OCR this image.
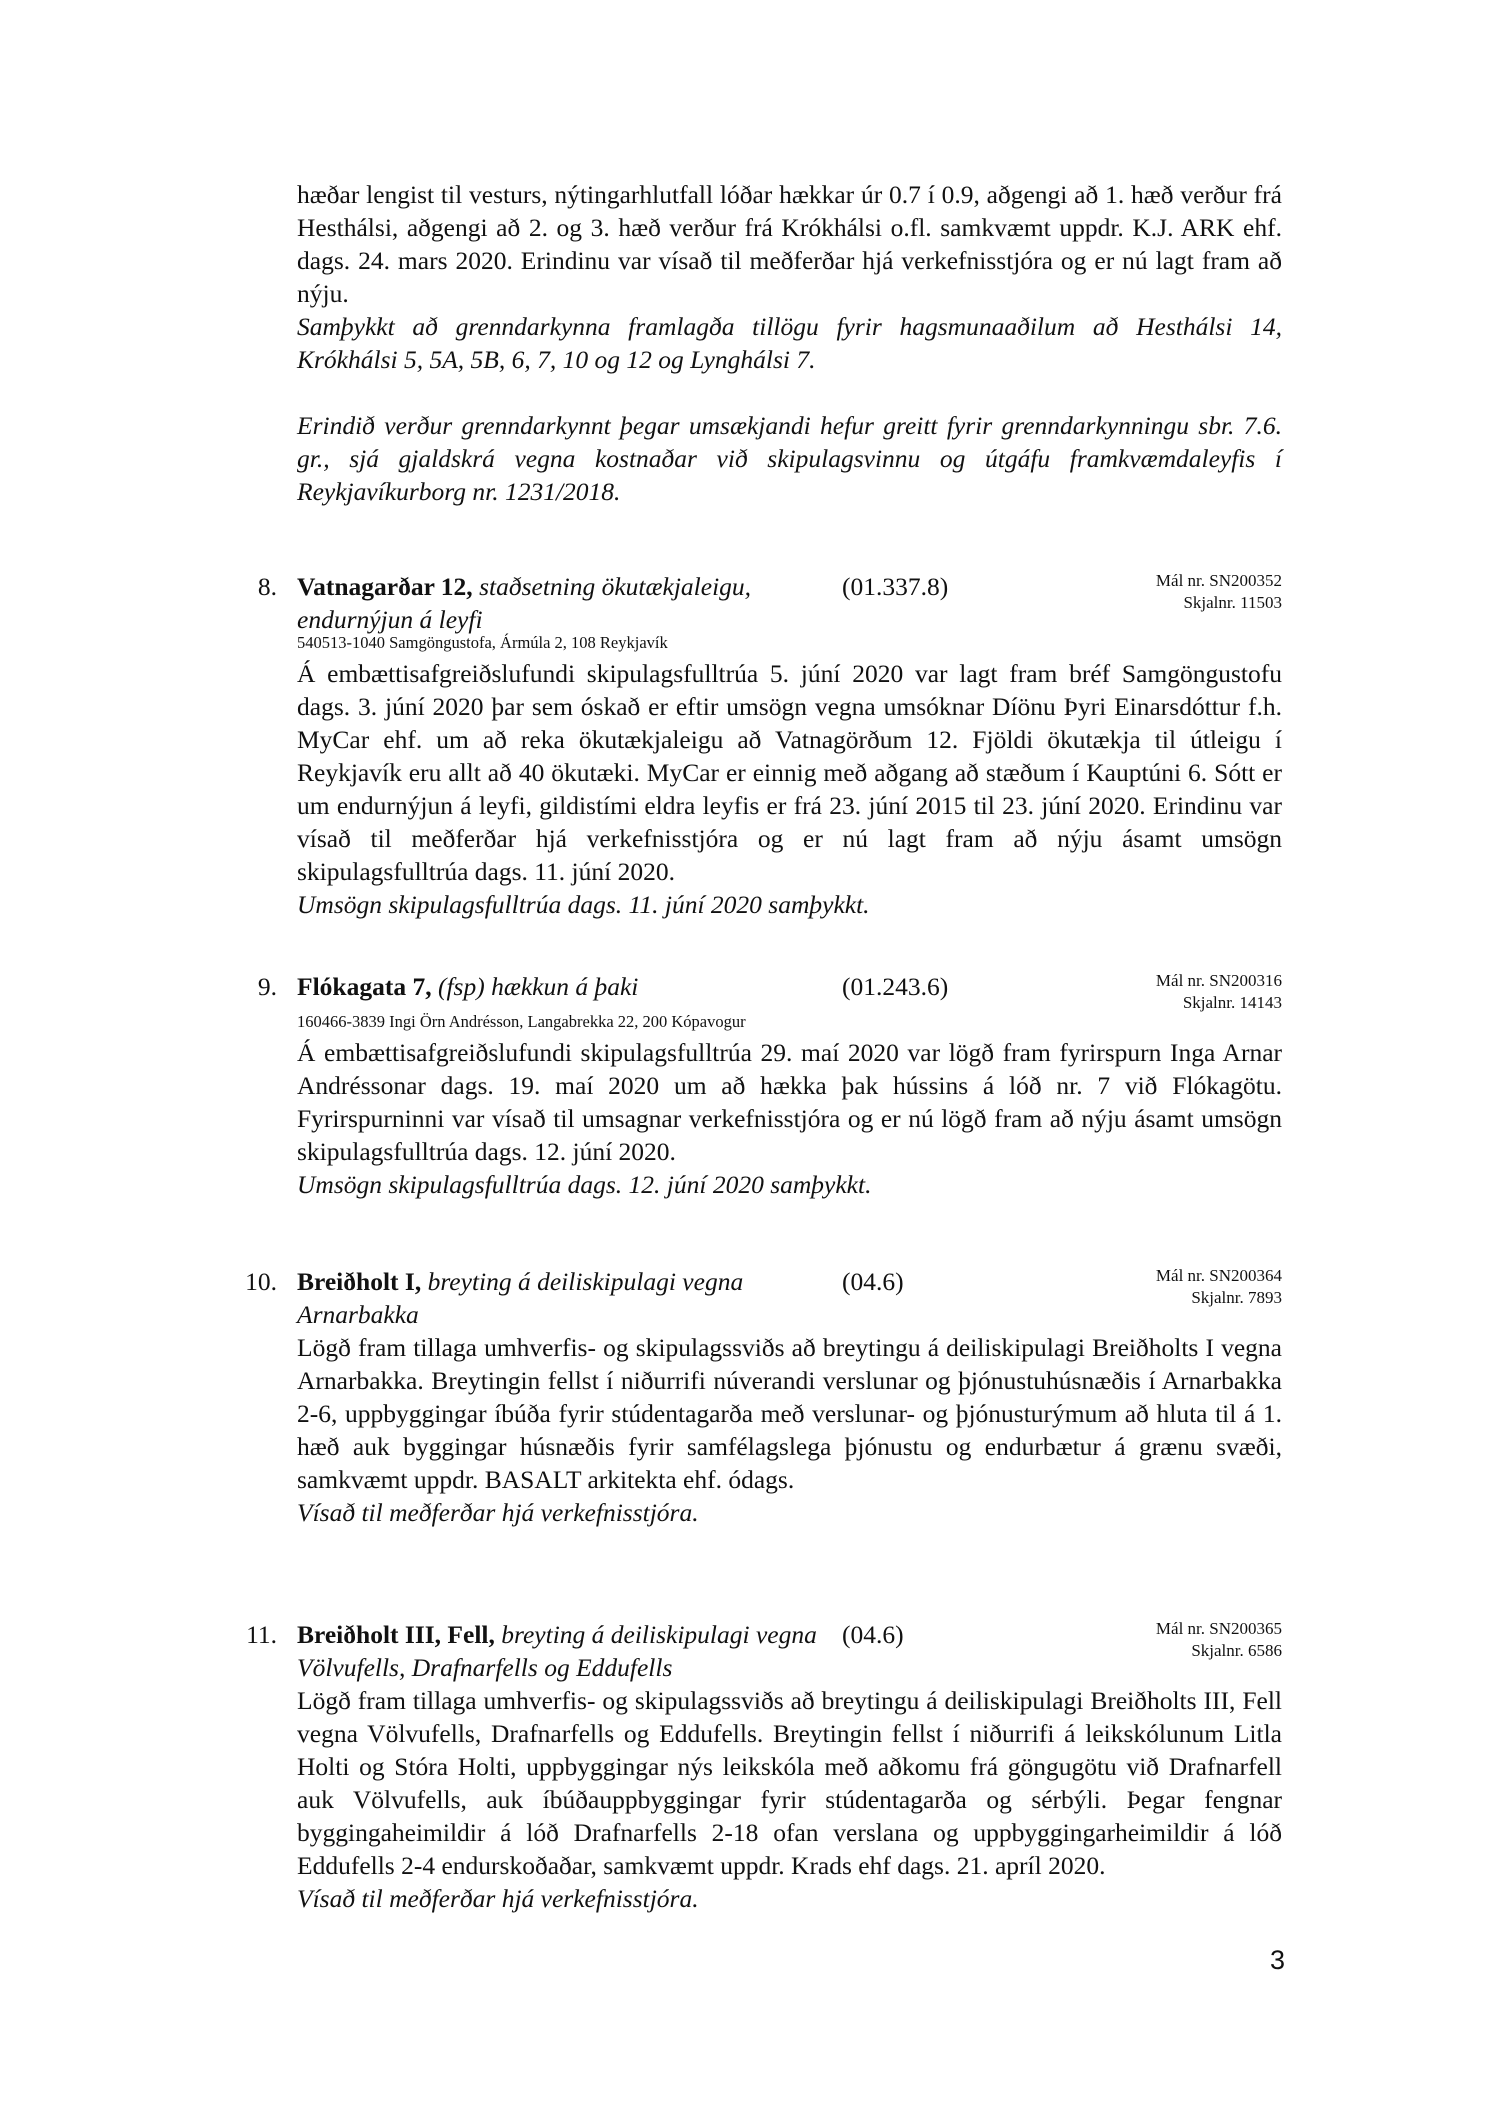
hæðar lengist til vesturs, nýtingarhlutfall lóðar hækkar úr 0.7 í 0.9, aðgengi að 1. hæð verður frá Hesthálsi, aðgengi að 2. og 3. hæð verður frá Krókhálsi o.fl. samkvæmt uppdr. K.J. ARK ehf. dags. 24. mars 2020. Erindinu var vísað til meðferðar hjá verkefnisstjóra og er nú lagt fram að nýju.

Samþykkt að grenndarkynna framlagða tillögu fyrir hagsmunaaðilum að Hesthálsi 14, Krókhálsi 5, 5A, 5B, 6, 7, 10 og 12 og Lynghálsi 7.

Erindið verður grenndarkynnt þegar umsækjandi hefur greitt fyrir grenndarkynningu sbr. 7.6. gr., sjá gjaldskrá vegna kostnaðar við skipulagsvinnu og útgáfu framkvæmdaleyfis í Reykjavíkurborg nr. 1231/2018.

8. Vatnagarðar 12, staðsetning ökutækjaleigu, endurnýjun á leyfi
(01.337.8)	Mál nr. SN200352
Skjalnr. 11503
540513-1040 Samgöngustofa, Ármúla 2, 108 Reykjavík

Á embættisafgreiðslufundi skipulagsfulltrúa 5. júní 2020 var lagt fram bréf Samgöngustofu dags. 3. júní 2020 þar sem óskað er eftir umsögn vegna umsóknar Díönu Þyri Einarsdóttur f.h. MyCar ehf. um að reka ökutækjaleigu að Vatnagörðum 12. Fjöldi ökutækja til útleigu í Reykjavík eru allt að 40 ökutæki. MyCar er einnig með aðgang að stæðum í Kauptúni 6. Sótt er um endurnýjun á leyfi, gildistími eldra leyfis er frá 23. júní 2015 til 23. júní 2020. Erindinu var vísað til meðferðar hjá verkefnisstjóra og er nú lagt fram að nýju ásamt umsögn skipulagsfulltrúa dags. 11. júní 2020.

Umsögn skipulagsfulltrúa dags. 11. júní 2020 samþykkt.

9. Flókagata 7, (fsp) hækkun á þaki	(01.243.6)	Mál nr. SN200316
Skjalnr. 14143
160466-3839 Ingi Örn Andrésson, Langabrekka 22, 200 Kópavogur

Á embættisafgreiðslufundi skipulagsfulltrúa 29. maí 2020 var lögð fram fyrirspurn Inga Arnar Andréssonar dags. 19. maí 2020 um að hækka þak hússins á lóð nr. 7 við Flókagötu. Fyrirspurninni var vísað til umsagnar verkefnisstjóra og er nú lögð fram að nýju ásamt umsögn skipulagsfulltrúa dags. 12. júní 2020.

Umsögn skipulagsfulltrúa dags. 12. júní 2020 samþykkt.

10. Breiðholt I, breyting á deiliskipulagi vegna Arnarbakka
(04.6)	Mál nr. SN200364
Skjalnr. 7893

Lögð fram tillaga umhverfis- og skipulagssviðs að breytingu á deiliskipulagi Breiðholts I vegna Arnarbakka. Breytingin fellst í niðurrifi núverandi verslunar og þjónustuhúsnæðis í Arnarbakka 2-6, uppbyggingar íbúða fyrir stúdentagarða með verslunar- og þjónusturýmum að hluta til á 1. hæð auk byggingar húsnæðis fyrir samfélagslega þjónustu og endurbætur á grænu svæði, samkvæmt uppdr. BASALT arkitekta ehf. ódags.

Vísað til meðferðar hjá verkefnisstjóra.

11. Breiðholt III, Fell, breyting á deiliskipulagi vegna Völvufells, Drafnarfells og Eddufells
(04.6)	Mál nr. SN200365
Skjalnr. 6586

Lögð fram tillaga umhverfis- og skipulagssviðs að breytingu á deiliskipulagi Breiðholts III, Fell vegna Völvufells, Drafnarfells og Eddufells. Breytingin fellst í niðurrifi á leikskólunum Litla Holti og Stóra Holti, uppbyggingar nýs leikskóla með aðkomu frá göngugötu við Drafnarfell auk Völvufells, auk íbúðauppbyggingar fyrir stúdentagarða og sérbýli. Þegar fengnar byggingaheimildir á lóð Drafnarfells 2-18 ofan verslana og uppbyggingarheimildir á lóð Eddufells 2-4 endurskoðaðar, samkvæmt uppdr. Krads ehf dags. 21. apríl 2020.

Vísað til meðferðar hjá verkefnisstjóra.

3
